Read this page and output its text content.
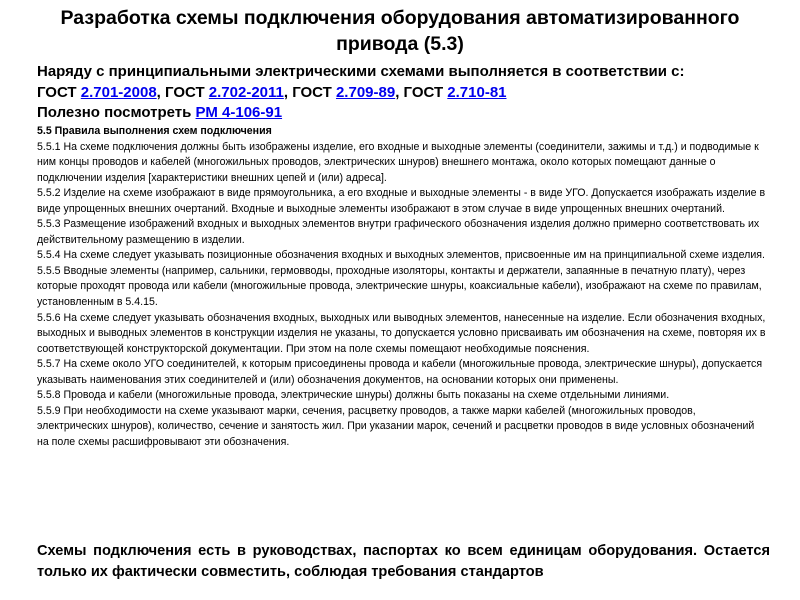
Разработка схемы подключения оборудования автоматизированного привода (5.3)
Наряду с принципиальными электрическими схемами выполняется в соответствии с:
ГОСТ 2.701-2008, ГОСТ 2.702-2011, ГОСТ 2.709-89, ГОСТ 2.710-81
Полезно посмотреть РМ 4-106-91
5.5 Правила выполнения схем подключения

5.5.1 На схеме подключения должны быть изображены изделие, его входные и выходные элементы (соединители, зажимы и т.д.) и подводимые к ним концы проводов и кабелей (многожильных проводов, электрических шнуров) внешнего монтажа, около которых помещают данные о подключении изделия [характеристики внешних цепей и (или) адреса].

5.5.2 Изделие на схеме изображают в виде прямоугольника, а его входные и выходные элементы - в виде УГО. Допускается изображать изделие в виде упрощенных внешних очертаний. Входные и выходные элементы изображают в этом случае в виде упрощенных внешних очертаний.

5.5.3 Размещение изображений входных и выходных элементов внутри графического обозначения изделия должно примерно соответствовать их действительному размещению в изделии.

5.5.4 На схеме следует указывать позиционные обозначения входных и выходных элементов, присвоенные им на принципиальной схеме изделия.

5.5.5 Вводные элементы (например, сальники, гермовводы, проходные изоляторы, контакты и держатели, запаянные в печатную плату), через которые проходят провода или кабели (многожильные провода, электрические шнуры, коаксиальные кабели), изображают на схеме по правилам, установленным в 5.4.15.

5.5.6 На схеме следует указывать обозначения входных, выходных или выводных элементов, нанесенные на изделие. Если обозначения входных, выходных и выводных элементов в конструкции изделия не указаны, то допускается условно присваивать им обозначения на схеме, повторяя их в соответствующей конструкторской документации. При этом на поле схемы помещают необходимые пояснения.

5.5.7 На схеме около УГО соединителей, к которым присоединены провода и кабели (многожильные провода, электрические шнуры), допускается указывать наименования этих соединителей и (или) обозначения документов, на основании которых они применены.

5.5.8 Провода и кабели (многожильные провода, электрические шнуры) должны быть показаны на схеме отдельными линиями.

5.5.9 При необходимости на схеме указывают марки, сечения, расцветку проводов, а также марки кабелей (многожильных проводов, электрических шнуров), количество, сечение и занятость жил. При указании марок, сечений и расцветки проводов в виде условных обозначений на поле схемы расшифровывают эти обозначения.

Схемы подключения есть в руководствах, паспортах ко всем единицам оборудования. Остается только их фактически совместить, соблюдая требования стандартов
